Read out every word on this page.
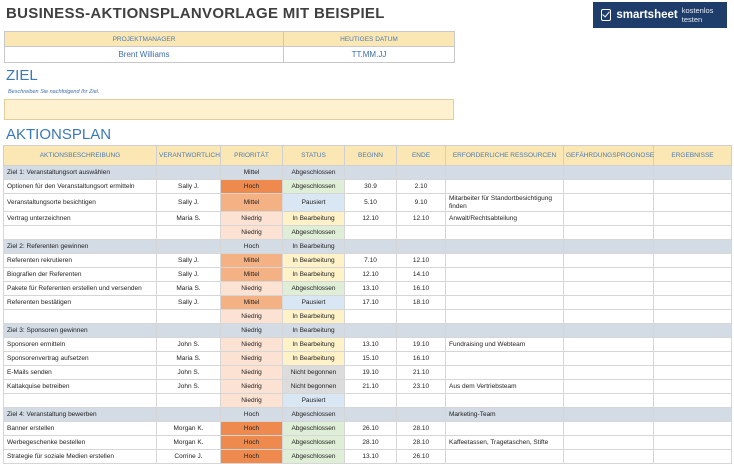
BUSINESS-AKTIONSPLANVORLAGE MIT BEISPIEL	smartsheet kostenlos testen
PROJEKTMANAGER	HEUTIGES DATUM
Brent Williams	TT.MM.JJ
ZIEL
Beschreiben Sie nachfolgend Ihr Ziel.
AKTIONSPLAN
AKTIONSBESCHREIBUNG	VERANTWORTLICH	PRIORITÄT	STATUS	BEGINN	ENDE	ERFORDERLICHE RESSOURCEN	GEFÄHRDUNGSPROGNOSE	ERGEBNISSE
Ziel 1: Veranstaltungsort auswählen		Mittel	Abgeschlossen					
Optionen für den Veranstaltungsort ermitteln	Sally J.	Hoch	Abgeschlossen	30.9	2.10			
Veranstaltungsorte besichtigen	Sally J.	Mittel	Pausiert	5.10	9.10	Mitarbeiter für Standortbesichtigung finden		
Vertrag unterzeichnen	Maria S.	Niedrig	In Bearbeitung	12.10	12.10	Anwalt/Rechtsabteilung		
		Niedrig	Abgeschlossen					
Ziel 2: Referenten gewinnen		Hoch	In Bearbeitung					
Referenten rekrutieren	Sally J.	Mittel	In Bearbeitung	7.10	12.10			
Biografien der Referenten	Sally J.	Mittel	In Bearbeitung	12.10	14.10			
Pakete für Referenten erstellen und versenden	Maria S.	Niedrig	Abgeschlossen	13.10	16.10			
Referenten bestätigen	Sally J.	Mittel	Pausiert	17.10	18.10			
		Niedrig	In Bearbeitung					
Ziel 3: Sponsoren gewinnen		Niedrig	In Bearbeitung					
Sponsoren ermitteln	John S.	Niedrig	In Bearbeitung	13.10	19.10	Fundraising und Webteam		
Sponsorenvertrag aufsetzen	Maria S.	Niedrig	In Bearbeitung	15.10	16.10			
E-Mails senden	John S.	Niedrig	Nicht begonnen	19.10	21.10			
Kaltakquise betreiben	John S.	Niedrig	Nicht begonnen	21.10	23.10	Aus dem Vertriebsteam		
		Niedrig	Pausiert					
Ziel 4: Veranstaltung bewerben		Hoch	Abgeschlossen			Marketing-Team		
Banner erstellen	Morgan K.	Hoch	Abgeschlossen	26.10	28.10			
Werbegeschenke bestellen	Morgan K.	Hoch	Abgeschlossen	28.10	28.10	Kaffeetassen, Tragetaschen, Stifte		
Strategie für soziale Medien erstellen	Corrine J.	Hoch	Abgeschlossen	13.10	26.10			
